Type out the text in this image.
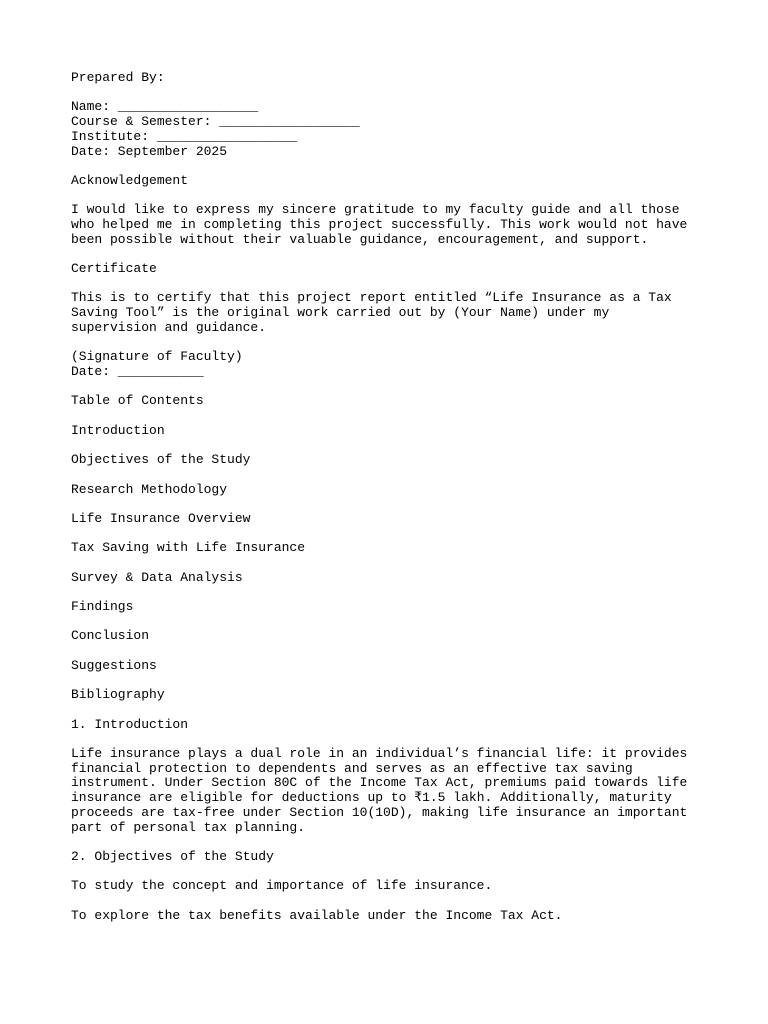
Prepared By:

Name: __________________

Course & Semester: __________________

Institute: __________________

Date: September 2025

Acknowledgement

I would like to express my sincere gratitude to my faculty guide and all those who helped me in completing this project successfully. This work would not have been possible without their valuable guidance, encouragement, and support.

Certificate

This is to certify that this project report entitled “Life Insurance as a Tax Saving Tool” is the original work carried out by (Your Name) under my supervision and guidance.

(Signature of Faculty)

Date: ___________

Table of Contents

Introduction

Objectives of the Study

Research Methodology

Life Insurance Overview

Tax Saving with Life Insurance

Survey & Data Analysis

Findings

Conclusion

Suggestions

Bibliography

1. Introduction

Life insurance plays a dual role in an individual’s financial life: it provides financial protection to dependents and serves as an effective tax saving instrument. Under Section 80C of the Income Tax Act, premiums paid towards life insurance are eligible for deductions up to ₹1.5 lakh. Additionally, maturity proceeds are tax-free under Section 10(10D), making life insurance an important part of personal tax planning.

2. Objectives of the Study

To study the concept and importance of life insurance.

To explore the tax benefits available under the Income Tax Act.
